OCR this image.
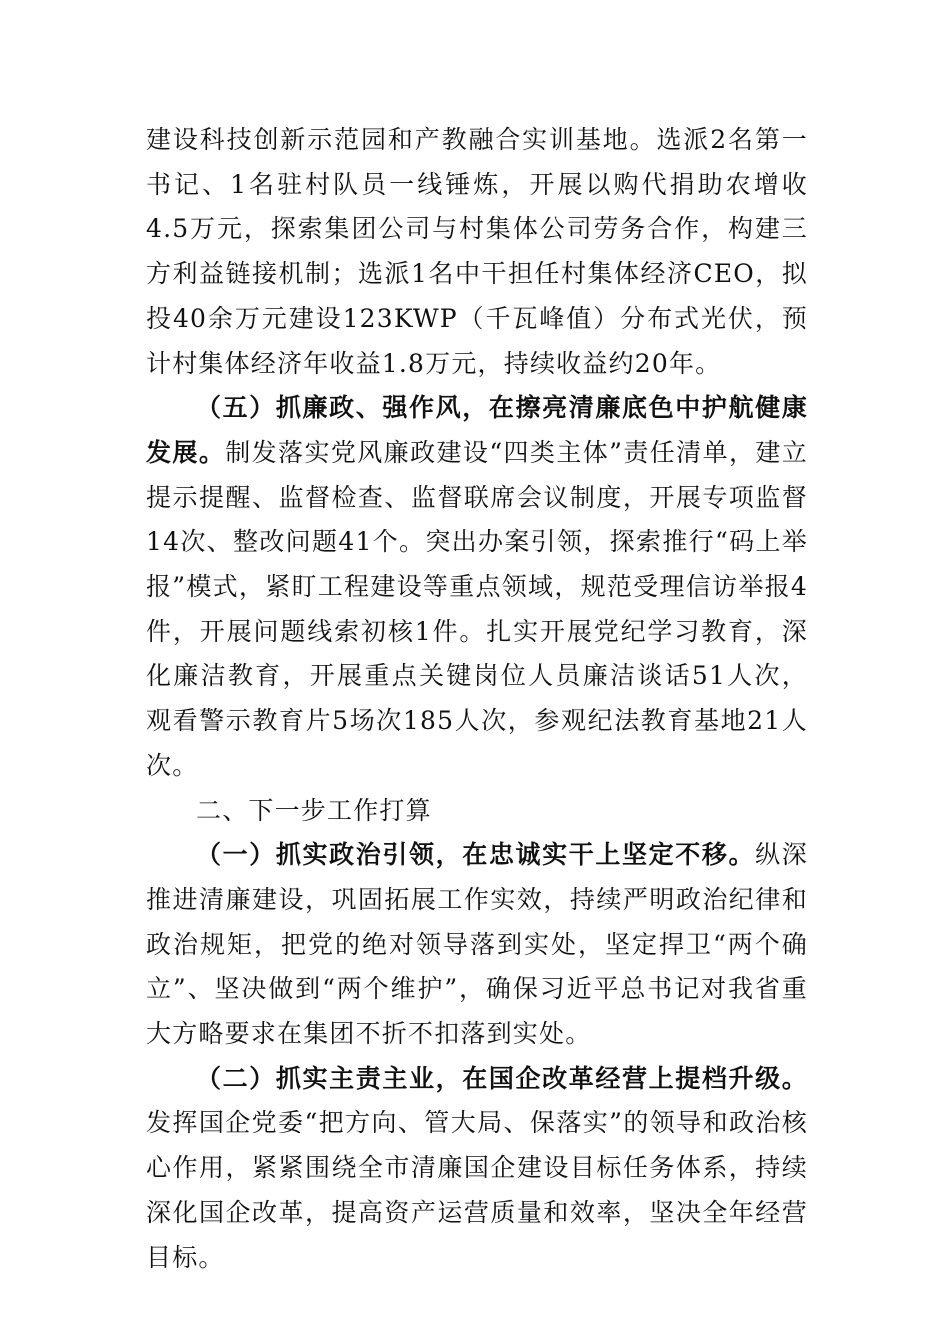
建设科技创新示范园和产教融合实训基地。选派2名第一书记、1名驻村队员一线锤炼，开展以购代捐助农增收4.5万元，探索集团公司与村集体公司劳务合作，构建三方利益链接机制；选派1名中干担任村集体经济CEO，拟投40余万元建设123KWP（千瓦峰值）分布式光伏，预计村集体经济年收益1.8万元，持续收益约20年。

（五）抓廉政、强作风，在擦亮清廉底色中护航健康发展。制发落实党风廉政建设“四类主体”责任清单，建立提示提醒、监督检查、监督联席会议制度，开展专项监督14次、整改问题41个。突出办案引领，探索推行“码上举报”模式，紧盯工程建设等重点领域，规范受理信访举报4件，开展问题线索初核1件。扎实开展党纪学习教育，深化廉洁教育，开展重点关键岗位人员廉洁谈话51人次，观看警示教育片5场次185人次，参观纪法教育基地21人次。

二、下一步工作打算

（一）抓实政治引领，在忠诚实干上坚定不移。纵深推进清廉建设，巩固拓展工作实效，持续严明政治纪律和政治规矩，把党的绝对领导落到实处，坚定捍卫“两个确立”、坚决做到“两个维护”，确保习近平总书记对我省重大方略要求在集团不折不扣落到实处。

（二）抓实主责主业，在国企改革经营上提档升级。发挥国企党委“把方向、管大局、保落实”的领导和政治核心作用，紧紧围绕全市清廉国企建设目标任务体系，持续深化国企改革，提高资产运营质量和效率，坚决全年经营目标。
